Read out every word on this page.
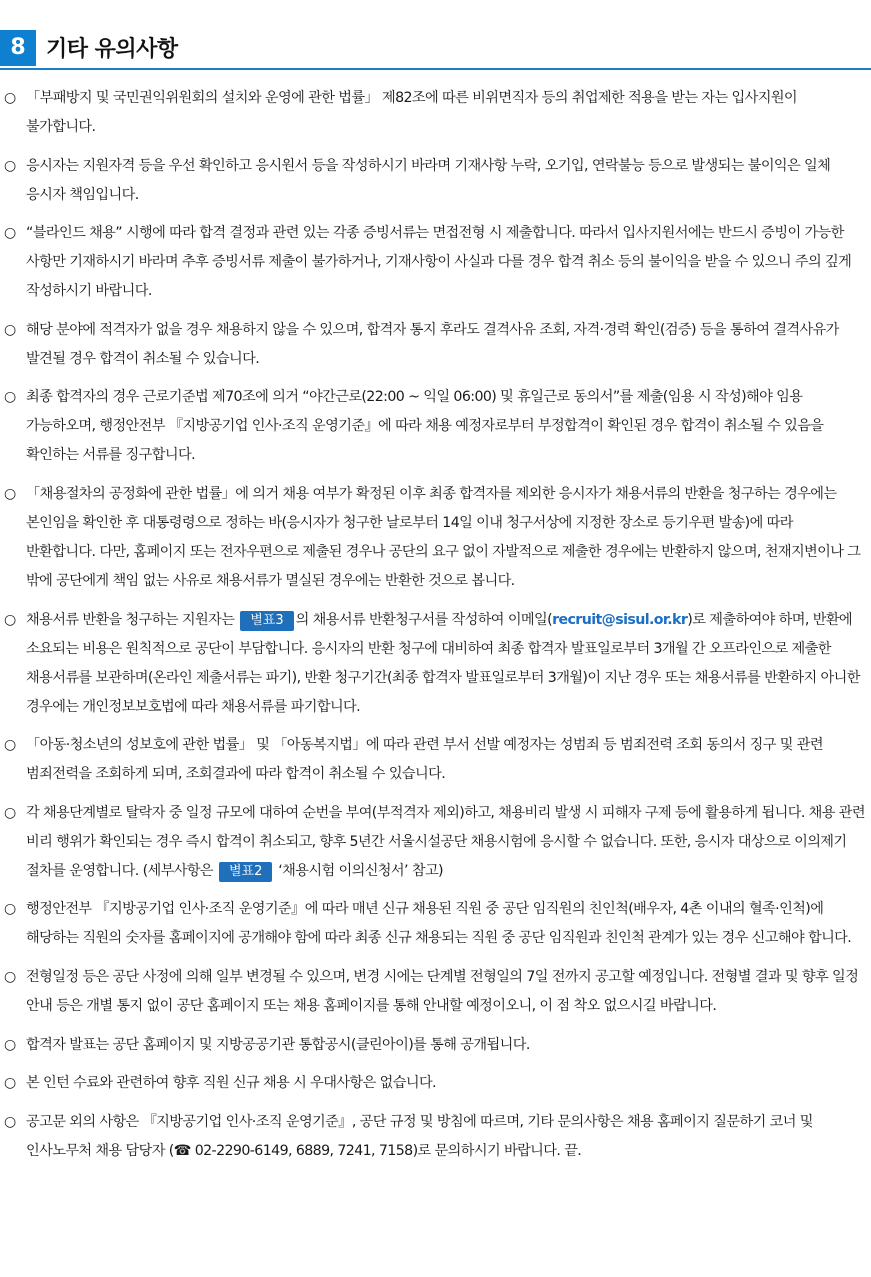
8 기타 유의사항
○ 「부패방지 및 국민권익위원회의 설치와 운영에 관한 법률」 제82조에 따른 비위면직자 등의 취업제한 적용을 받는 자는 입사지원이 불가합니다.
○ 응시자는 지원자격 등을 우선 확인하고 응시원서 등을 작성하시기 바라며 기재사항 누락, 오기입, 연락불능 등으로 발생되는 불이익은 일체 응시자 책임입니다.
○ “블라인드 채용” 시행에 따라 합격 결정과 관련 있는 각종 증빙서류는 면접전형 시 제출합니다. 따라서 입사지원서에는 반드시 증빙이 가능한 사항만 기재하시기 바라며 추후 증빙서류 제출이 불가하거나, 기재사항이 사실과 다를 경우 합격 취소 등의 불이익을 받을 수 있으니 주의 깊게 작성하시기 바랍니다.
○ 해당 분야에 적격자가 없을 경우 채용하지 않을 수 있으며, 합격자 통지 후라도 결격사유 조회, 자격·경력 확인(검증) 등을 통하여 결격사유가 발견될 경우 합격이 취소될 수 있습니다.
○ 최종 합격자의 경우 근로기준법 제70조에 의거 “야간근로(22:00 ~ 익일 06:00) 및 휴일근로 동의서”를 제출(임용 시 작성)해야 임용 가능하오며, 행정안전부 『지방공기업 인사·조직 운영기준』에 따라 채용 예정자로부터 부정합격이 확인된 경우 합격이 취소될 수 있음을 확인하는 서류를 징구합니다.
○ 「채용절차의 공정화에 관한 법률」에 의거 채용 여부가 확정된 이후 최종 합격자를 제외한 응시자가 채용서류의 반환을 청구하는 경우에는 본인임을 확인한 후 대통령령으로 정하는 바(응시자가 청구한 날로부터 14일 이내 청구서상에 지정한 장소로 등기우편 발송)에 따라 반환합니다. 다만, 홈페이지 또는 전자우편으로 제출된 경우나 공단의 요구 없이 자발적으로 제출한 경우에는 반환하지 않으며, 천재지변이나 그 밖에 공단에게 책임 없는 사유로 채용서류가 멸실된 경우에는 반환한 것으로 봅니다.
○ 채용서류 반환을 청구하는 지원자는 별표3 의 채용서류 반환청구서를 작성하여 이메일(recruit@sisul.or.kr)로 제출하여야 하며, 반환에 소요되는 비용은 원칙적으로 공단이 부담합니다. 응시자의 반환 청구에 대비하여 최종 합격자 발표일로부터 3개월 간 오프라인으로 제출한 채용서류를 보관하며(온라인 제출서류는 파기), 반환 청구기간(최종 합격자 발표일로부터 3개월)이 지난 경우 또는 채용서류를 반환하지 아니한 경우에는 개인정보보호법에 따라 채용서류를 파기합니다.
○ 「아동·청소년의 성보호에 관한 법률」 및 「아동복지법」에 따라 관련 부서 선발 예정자는 성범죄 등 범죄전력 조회 동의서 징구 및 관련 범죄전력을 조회하게 되며, 조회결과에 따라 합격이 취소될 수 있습니다.
○ 각 채용단계별로 탈락자 중 일정 규모에 대하여 순번을 부여(부적격자 제외)하고, 채용비리 발생 시 피해자 구제 등에 활용하게 됩니다. 채용 관련 비리 행위가 확인되는 경우 즉시 합격이 취소되고, 향후 5년간 서울시설공단 채용시험에 응시할 수 없습니다. 또한, 응시자 대상으로 이의제기 절차를 운영합니다. (세부사항은 별표2 ‘채용시험 이의신청서’ 참고)
○ 행정안전부 『지방공기업 인사·조직 운영기준』에 따라 매년 신규 채용된 직원 중 공단 임직원의 친인척(배우자, 4촌 이내의 혈족·인척)에 해당하는 직원의 숫자를 홈페이지에 공개해야 함에 따라 최종 신규 채용되는 직원 중 공단 임직원과 친인척 관계가 있는 경우 신고해야 합니다.
○ 전형일정 등은 공단 사정에 의해 일부 변경될 수 있으며, 변경 시에는 단계별 전형일의 7일 전까지 공고할 예정입니다. 전형별 결과 및 향후 일정 안내 등은 개별 통지 없이 공단 홈페이지 또는 채용 홈페이지를 통해 안내할 예정이오니, 이 점 착오 없으시길 바랍니다.
○ 합격자 발표는 공단 홈페이지 및 지방공공기관 통합공시(클린아이)를 통해 공개됩니다.
○ 본 인턴 수료와 관련하여 향후 직원 신규 채용 시 우대사항은 없습니다.
○ 공고문 외의 사항은 『지방공기업 인사·조직 운영기준』, 공단 규정 및 방침에 따르며, 기타 문의사항은 채용 홈페이지 질문하기 코너 및 인사노무처 채용 담당자 (☎ 02-2290-6149, 6889, 7241, 7158)로 문의하시기 바랍니다. 끝.
